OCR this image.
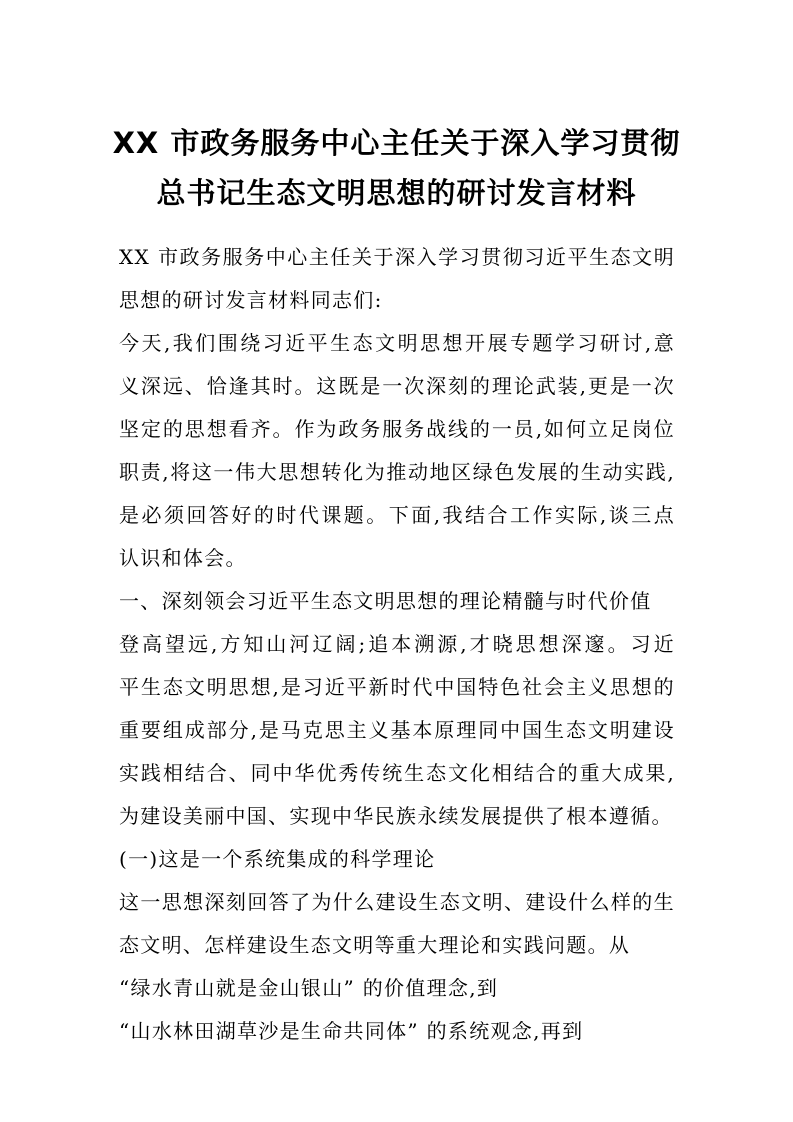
XX 市政务服务中心主任关于深入学习贯彻
总书记生态文明思想的研讨发言材料
XX 市政务服务中心主任关于深入学习贯彻习近平生态文明
思想的研讨发言材料同志们:
今天,我们围绕习近平生态文明思想开展专题学习研讨,意
义深远、恰逢其时。这既是一次深刻的理论武装,更是一次
坚定的思想看齐。作为政务服务战线的一员,如何立足岗位
职责,将这一伟大思想转化为推动地区绿色发展的生动实践,
是必须回答好的时代课题。下面,我结合工作实际,谈三点
认识和体会。
一、深刻领会习近平生态文明思想的理论精髓与时代价值
登高望远,方知山河辽阔;追本溯源,才晓思想深邃。习近
平生态文明思想,是习近平新时代中国特色社会主义思想的
重要组成部分,是马克思主义基本原理同中国生态文明建设
实践相结合、同中华优秀传统生态文化相结合的重大成果,
为建设美丽中国、实现中华民族永续发展提供了根本遵循。
(一)这是一个系统集成的科学理论
这一思想深刻回答了为什么建设生态文明、建设什么样的生
态文明、怎样建设生态文明等重大理论和实践问题。从
“绿水青山就是金山银山” 的价值理念,到
“山水林田湖草沙是生命共同体” 的系统观念,再到
